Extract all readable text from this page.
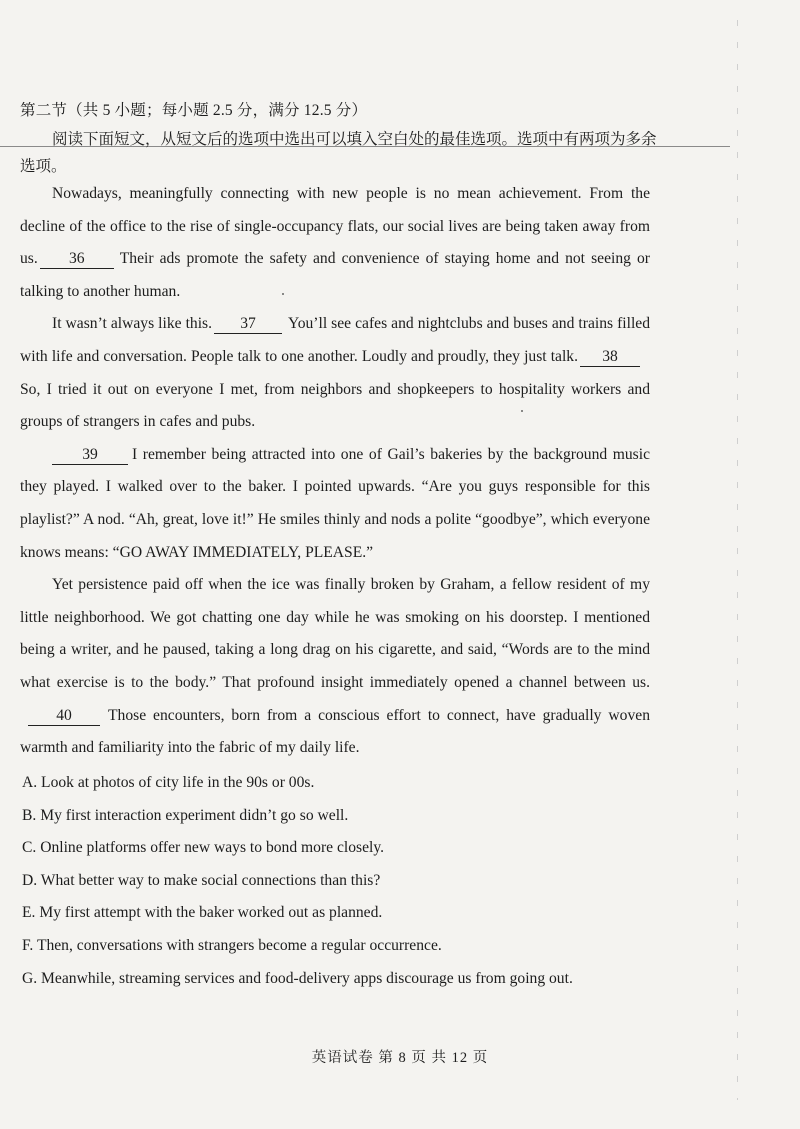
第二节（共 5 小题；每小题 2.5 分，满分 12.5 分）
阅读下面短文，从短文后的选项中选出可以填入空白处的最佳选项。选项中有两项为多余选项。

Nowadays, meaningfully connecting with new people is no mean achievement. From the decline of the office to the rise of single-occupancy flats, our social lives are being taken away from us. 36 Their ads promote the safety and convenience of staying home and not seeing or talking to another human.

It wasn’t always like this. 37 You’ll see cafes and nightclubs and buses and trains filled with life and conversation. People talk to one another. Loudly and proudly, they just talk. 38So, I tried it out on everyone I met, from neighbors and shopkeepers to hospitality workers and groups of strangers in cafes and pubs.

39 I remember being attracted into one of Gail’s bakeries by the background music they played. I walked over to the baker. I pointed upwards. “Are you guys responsible for this playlist?” A nod. “Ah, great, love it!” He smiles thinly and nods a polite “goodbye”, which everyone knows means: “GO AWAY IMMEDIATELY, PLEASE.”

Yet persistence paid off when the ice was finally broken by Graham, a fellow resident of my little neighborhood. We got chatting one day while he was smoking on his doorstep. I mentioned being a writer, and he paused, taking a long drag on his cigarette, and said, “Words are to the mind what exercise is to the body.” That profound insight immediately opened a channel between us.40 Those encounters, born from a conscious effort to connect, have gradually woven warmth and familiarity into the fabric of my daily life.

A. Look at photos of city life in the 90s or 00s.
B. My first interaction experiment didn’t go so well.
C. Online platforms offer new ways to bond more closely.
D. What better way to make social connections than this?
E. My first attempt with the baker worked out as planned.
F. Then, conversations with strangers become a regular occurrence.
G. Meanwhile, streaming services and food-delivery apps discourage us from going out.
英语试卷 第 8 页 共 12 页
